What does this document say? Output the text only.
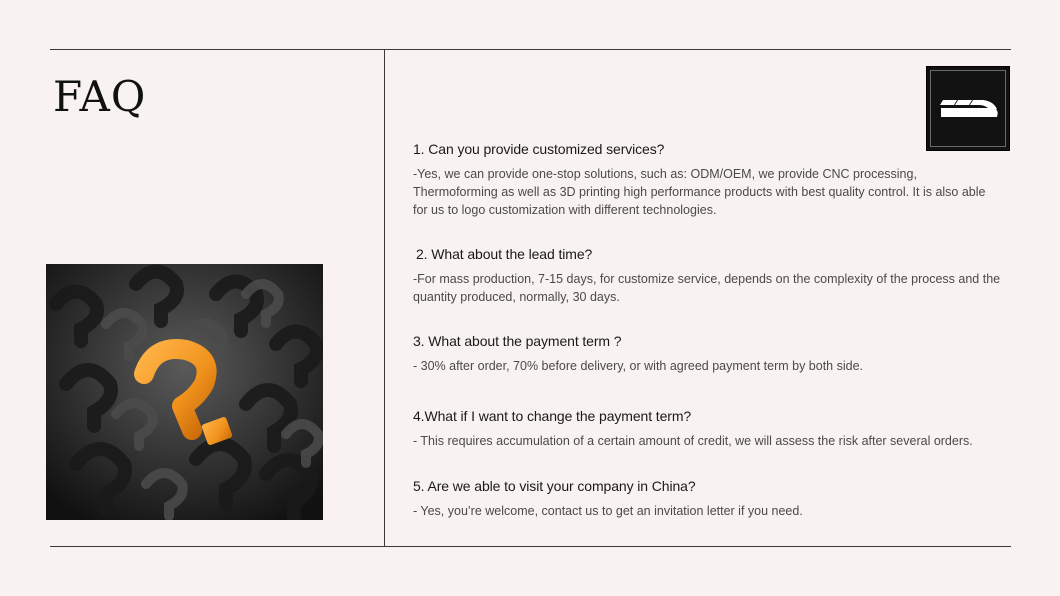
FAQ	Perfect
1. Can you provide customized services?
-Yes, we can provide one-stop solutions, such as: ODM/OEM, we provide CNC processing, Thermoforming as well as 3D printing high performance products with best quality control. It is also able for us to logo customization with different technologies.
2. What about the lead time?
-For mass production, 7-15 days, for customize service, depends on the complexity of the process and the quantity produced, normally, 30 days.
3. What about the payment term ?
- 30% after order, 70% before delivery, or with agreed payment term by both side.
4.What if I want to change the payment term?
- This requires accumulation of a certain amount of credit, we will assess the risk after several orders.
5. Are we able to visit your company in China?
- Yes, you’re welcome, contact us to get an invitation letter if you need.
